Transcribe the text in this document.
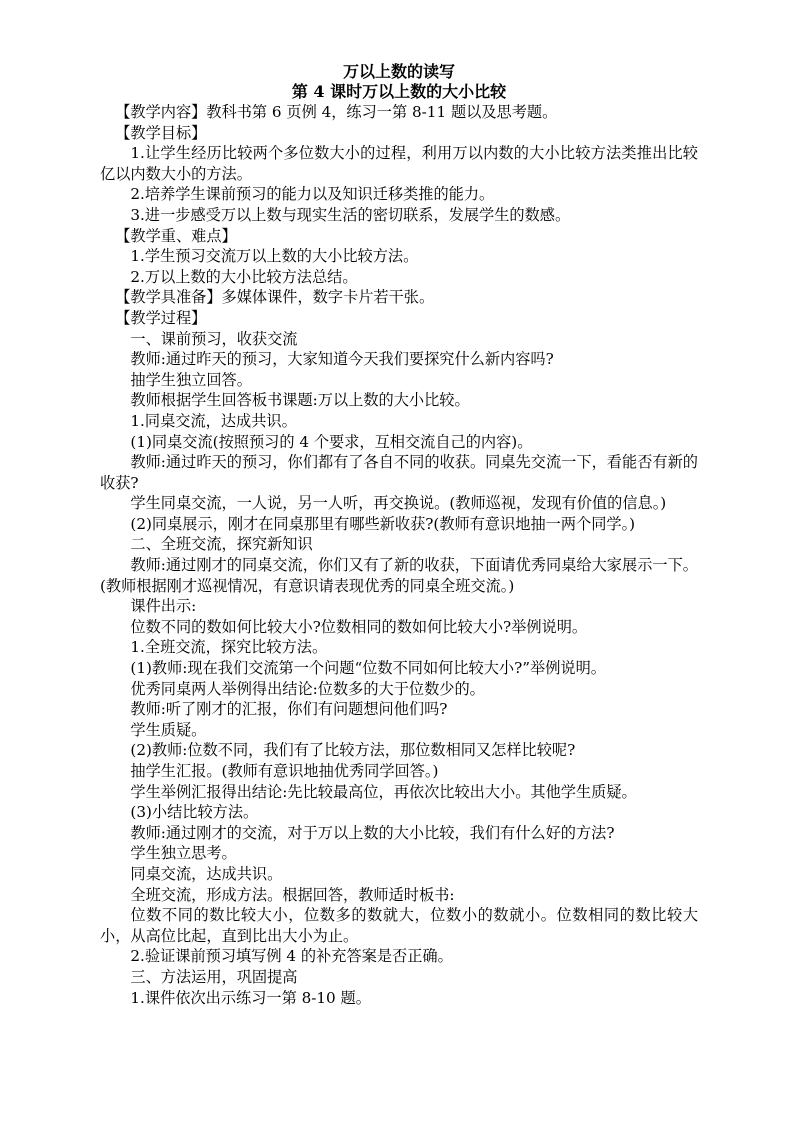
万以上数的读写

第 4 课时万以上数的大小比较

【教学内容】教科书第 6 页例 4，练习一第 8-11 题以及思考题。

【教学目标】

1.让学生经历比较两个多位数大小的过程，利用万以内数的大小比较方法类推出比较亿以内数大小的方法。

2.培养学生课前预习的能力以及知识迁移类推的能力。

3.进一步感受万以上数与现实生活的密切联系，发展学生的数感。

【教学重、难点】

1.学生预习交流万以上数的大小比较方法。

2.万以上数的大小比较方法总结。

【教学具准备】多媒体课件，数字卡片若干张。

【教学过程】

一、课前预习，收获交流

教师:通过昨天的预习，大家知道今天我们要探究什么新内容吗?

抽学生独立回答。

教师根据学生回答板书课题:万以上数的大小比较。

1.同桌交流，达成共识。

(1)同桌交流(按照预习的 4 个要求，互相交流自己的内容)。

教师:通过昨天的预习，你们都有了各自不同的收获。同桌先交流一下，看能否有新的收获?

学生同桌交流，一人说，另一人听，再交换说。(教师巡视，发现有价值的信息。)

(2)同桌展示，刚才在同桌那里有哪些新收获?(教师有意识地抽一两个同学。)

二、全班交流，探究新知识

教师:通过刚才的同桌交流，你们又有了新的收获，下面请优秀同桌给大家展示一下。(教师根据刚才巡视情况，有意识请表现优秀的同桌全班交流。)

课件出示:

位数不同的数如何比较大小?位数相同的数如何比较大小?举例说明。

1.全班交流，探究比较方法。

(1)教师:现在我们交流第一个问题“位数不同如何比较大小?”举例说明。

优秀同桌两人举例得出结论:位数多的大于位数少的。

教师:听了刚才的汇报，你们有问题想问他们吗?

学生质疑。

(2)教师:位数不同，我们有了比较方法，那位数相同又怎样比较呢?

抽学生汇报。(教师有意识地抽优秀同学回答。)

学生举例汇报得出结论:先比较最高位，再依次比较出大小。其他学生质疑。

(3)小结比较方法。

教师:通过刚才的交流，对于万以上数的大小比较，我们有什么好的方法?

学生独立思考。

同桌交流，达成共识。

全班交流，形成方法。根据回答，教师适时板书:

位数不同的数比较大小，位数多的数就大，位数小的数就小。位数相同的数比较大小，从高位比起，直到比出大小为止。

2.验证课前预习填写例 4 的补充答案是否正确。

三、方法运用，巩固提高

1.课件依次出示练习一第 8-10 题。
